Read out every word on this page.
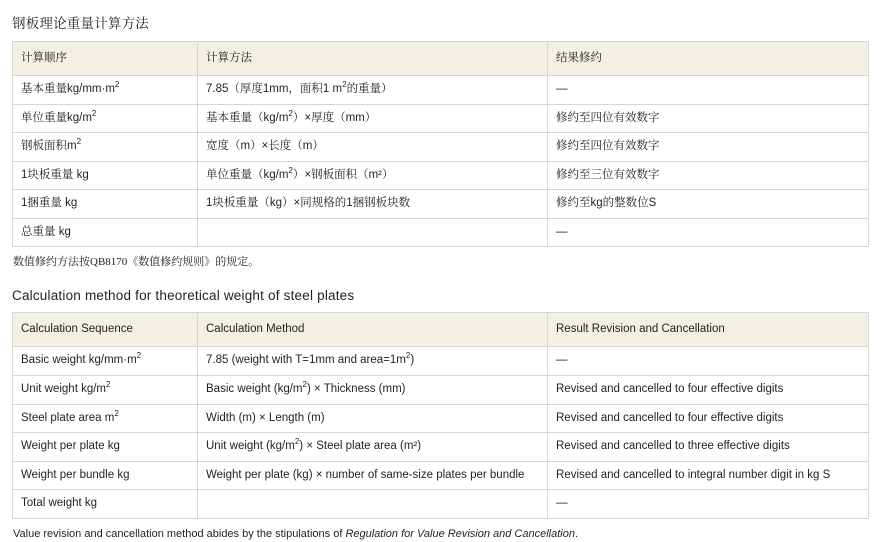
钢板理论重量计算方法
计算顺序	计算方法	结果修约
基本重量$kg/mm\cdot m^2$	7.85（厚度1mm，面积1 $m^2$的重量）	—
单位重量$kg/m^2$	基本重量$(kg/m^2)\times$厚度（mm）	修约至四位有效数字
钢板面积$m^2$	宽度（m）×长度（m）	修约至四位有效数字
1块板重量 kg	单位重量$(kg/m^2)\times$钢板面积（m²）	修约至三位有效数字
1捆重量 kg	1块板重量（kg）×同规格的1捆钢板块数	修约至kg的整数位S
总重量 kg		—

数值修约方法按QB8170《数值修约规则》的规定。

Calculation method for theoretical weight of steel plates
Calculation Sequence	Calculation Method	Result Revision and Cancellation
Basic weight $kg/mm\cdot m^2$	7.85 (weight with T=1mm and $area=1m^2$)	—
Unit weight $kg/m^2$	Basic weight $(kg/m^2)$ × Thickness (mm)	Revised and cancelled to four effective digits
Steel plate area $m^2$	Width (m) × Length (m)	Revised and cancelled to four effective digits
Weight per plate kg	Unit weight $(kg/m^2)$ × Steel plate area (m²)	Revised and cancelled to three effective digits
Weight per bundle kg	Weight per plate (kg) × number of same-size plates per bundle	Revised and cancelled to integral number digit in kg S
Total weight kg		—

Value revision and cancellation method abides by the stipulations of Regulation for Value Revision and Cancellation.
